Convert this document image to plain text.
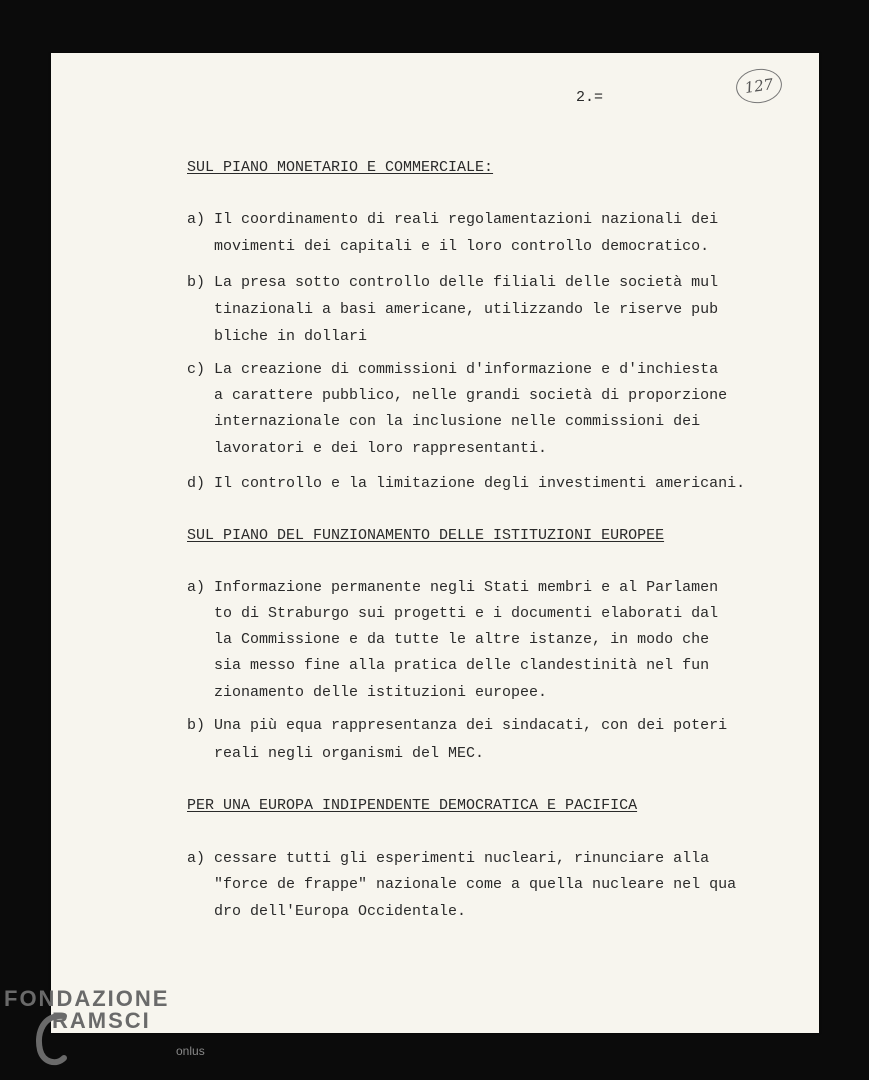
2.=
127
SUL PIANO MONETARIO E COMMERCIALE:
a) Il coordinamento di reali regolamentazioni nazionali dei
movimenti dei capitali e il loro controllo democratico.
b) La presa sotto controllo delle filiali delle società mul
tinazionali a basi americane, utilizzando le riserve pub
bliche in dollari
c) La creazione di commissioni d'informazione e d'inchiesta
a carattere pubblico, nelle grandi società di proporzione
internazionale con la inclusione nelle commissioni dei
lavoratori e dei loro rappresentanti.
d) Il controllo e la limitazione degli investimenti americani.
SUL PIANO DEL FUNZIONAMENTO DELLE ISTITUZIONI EUROPEE
a) Informazione permanente negli Stati membri e al Parlamen
to di Straburgo sui progetti e i documenti elaborati dal
la Commissione e da tutte le altre istanze, in modo che
sia messo fine alla pratica delle clandestinità nel fun
zionamento delle istituzioni europee.
b) Una più equa rappresentanza dei sindacati, con dei poteri
reali negli organismi del MEC.
PER UNA EUROPA INDIPENDENTE DEMOCRATICA E PACIFICA
a) cessare tutti gli esperimenti nucleari, rinunciare alla
"force de frappe" nazionale come a quella nucleare nel qua
dro dell'Europa Occidentale.
FONDAZIONE
RAMSCI
onlus
